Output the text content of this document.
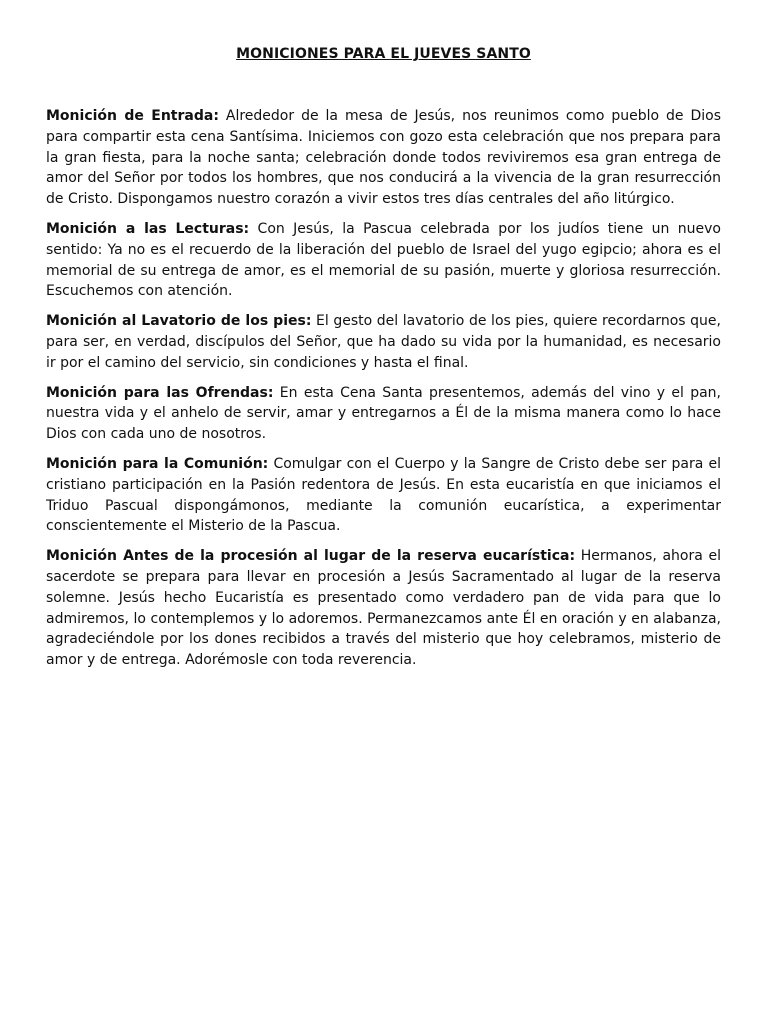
MONICIONES PARA EL JUEVES SANTO

Monición de Entrada: Alrededor de la mesa de Jesús, nos reunimos como pueblo de Dios para compartir esta cena Santísima. Iniciemos con gozo esta celebración que nos prepara para la gran fiesta, para la noche santa; celebración donde todos reviviremos esa gran entrega de amor del Señor por todos los hombres, que nos conducirá a la vivencia de la gran resurrección de Cristo. Dispongamos nuestro corazón a vivir estos tres días centrales del año litúrgico.

Monición a las Lecturas: Con Jesús, la Pascua celebrada por los judíos tiene un nuevo sentido: Ya no es el recuerdo de la liberación del pueblo de Israel del yugo egipcio; ahora es el memorial de su entrega de amor, es el memorial de su pasión, muerte y gloriosa resurrección. Escuchemos con atención.

Monición al Lavatorio de los pies: El gesto del lavatorio de los pies, quiere recordarnos que, para ser, en verdad, discípulos del Señor, que ha dado su vida por la humanidad, es necesario ir por el camino del servicio, sin condiciones y hasta el final.

Monición para las Ofrendas: En esta Cena Santa presentemos, además del vino y el pan, nuestra vida y el anhelo de servir, amar y entregarnos a Él de la misma manera como lo hace Dios con cada uno de nosotros.

Monición para la Comunión: Comulgar con el Cuerpo y la Sangre de Cristo debe ser para el cristiano participación en la Pasión redentora de Jesús. En esta eucaristía en que iniciamos el Triduo Pascual dispongámonos, mediante la comunión eucarística, a experimentar conscientemente el Misterio de la Pascua.

Monición Antes de la procesión al lugar de la reserva eucarística: Hermanos, ahora el sacerdote se prepara para llevar en procesión a Jesús Sacramentado al lugar de la reserva solemne. Jesús hecho Eucaristía es presentado como verdadero pan de vida para que lo admiremos, lo contemplemos y lo adoremos. Permanezcamos ante Él en oración y en alabanza, agradeciéndole por los dones recibidos a través del misterio que hoy celebramos, misterio de amor y de entrega. Adorémosle con toda reverencia.
